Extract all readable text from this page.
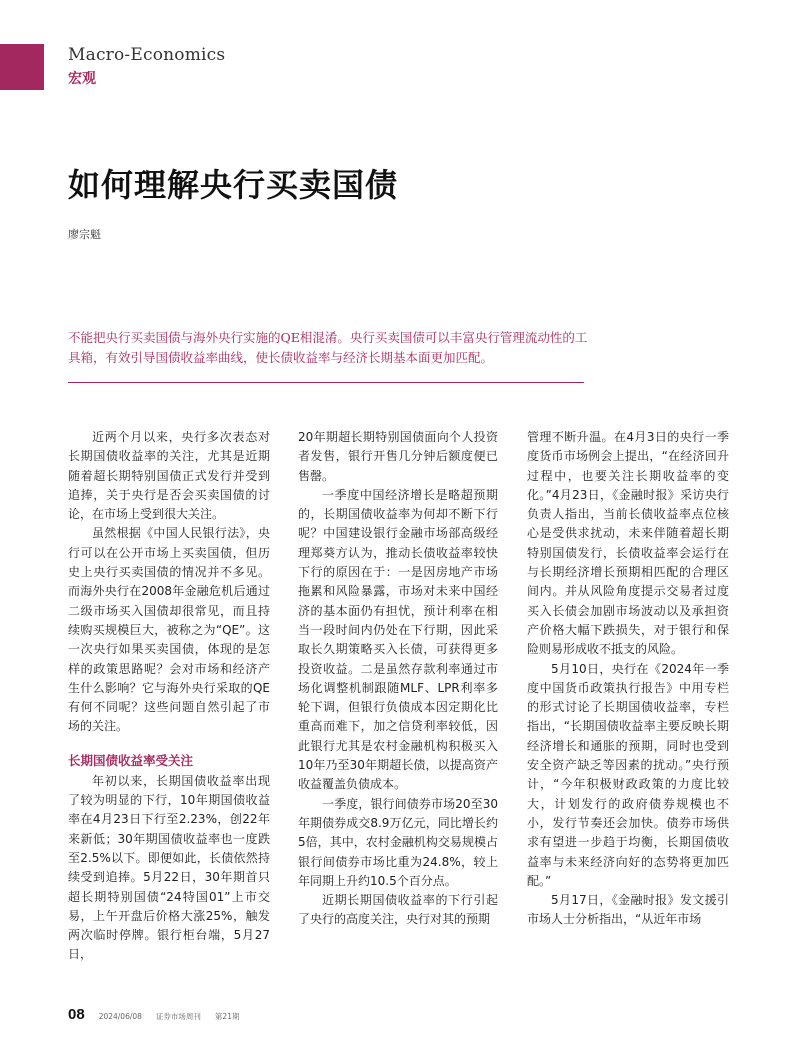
Macro-Economics
宏观
如何理解央行买卖国债
廖宗魁
不能把央行买卖国债与海外央行实施的QE相混淆。央行买卖国债可以丰富央行管理流动性的工具箱，有效引导国债收益率曲线，使长债收益率与经济长期基本面更加匹配。

近两个月以来，央行多次表态对长期国债收益率的关注，尤其是近期随着超长期特别国债正式发行并受到追捧，关于央行是否会买卖国债的讨论，在市场上受到很大关注。

虽然根据《中国人民银行法》，央行可以在公开市场上买卖国债，但历史上央行买卖国债的情况并不多见。而海外央行在2008年金融危机后通过二级市场买入国债却很常见，而且持续购买规模巨大，被称之为“QE”。这一次央行如果买卖国债，体现的是怎样的政策思路呢？会对市场和经济产生什么影响？它与海外央行采取的QE有何不同呢？这些问题自然引起了市场的关注。

长期国债收益率受关注

年初以来，长期国债收益率出现了较为明显的下行，10年期国债收益率在4月23日下行至2.23%，创22年来新低；30年期国债收益率也一度跌至2.5%以下。即便如此，长债依然持续受到追捧。5月22日，30年期首只超长期特别国债“24特国01”上市交易，上午开盘后价格大涨25%，触发两次临时停牌。银行柜台端，5月27日，

20年期超长期特别国债面向个人投资者发售，银行开售几分钟后额度便已售罄。

一季度中国经济增长是略超预期的，长期国债收益率为何却不断下行呢？中国建设银行金融市场部高级经理郑葵方认为，推动长债收益率较快下行的原因在于：一是因房地产市场拖累和风险暴露，市场对未来中国经济的基本面仍有担忧，预计利率在相当一段时间内仍处在下行期，因此采取长久期策略买入长债，可获得更多投资收益。二是虽然存款利率通过市场化调整机制跟随MLF、LPR利率多轮下调，但银行负债成本因定期化比重高而难下，加之信贷利率较低，因此银行尤其是农村金融机构积极买入10年乃至30年期超长债，以提高资产收益覆盖负债成本。

一季度，银行间债券市场20至30年期债券成交8.9万亿元，同比增长约5倍，其中，农村金融机构交易规模占银行间债券市场比重为24.8%，较上年同期上升约10.5个百分点。

近期长期国债收益率的下行引起了央行的高度关注，央行对其的预期

管理不断升温。在4月3日的央行一季度货币市场例会上提出，“在经济回升过程中，也要关注长期收益率的变化。”4月23日，《金融时报》采访央行负责人指出，当前长债收益率点位核心是受供求扰动，未来伴随着超长期特别国债发行，长债收益率会运行在与长期经济增长预期相匹配的合理区间内。并从风险角度提示交易者过度买入长债会加剧市场波动以及承担资产价格大幅下跌损失，对于银行和保险则易形成收不抵支的风险。

5月10日，央行在《2024年一季度中国货币政策执行报告》中用专栏的形式讨论了长期国债收益率，专栏指出，“长期国债收益率主要反映长期经济增长和通胀的预期，同时也受到安全资产缺乏等因素的扰动。”央行预计，“今年积极财政政策的力度比较大，计划发行的政府债券规模也不小，发行节奏还会加快。债券市场供求有望进一步趋于均衡，长期国债收益率与未来经济向好的态势将更加匹配。”

5月17日，《金融时报》发文援引市场人士分析指出，“从近年市场

08 2024/06/08 证券市场周刊 第21期
